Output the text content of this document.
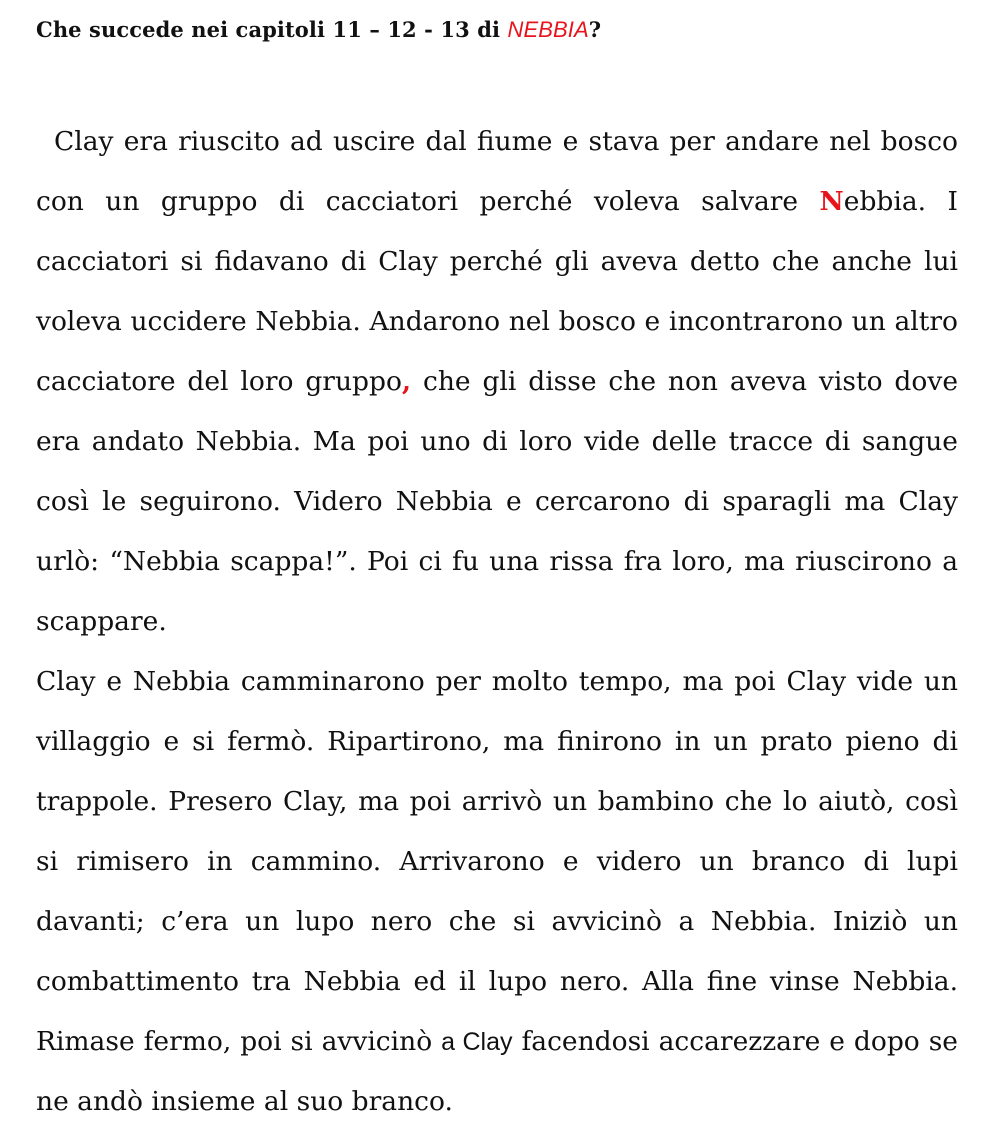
Che succede nei capitoli 11 – 12 - 13 di NEBBIA?

Clay era riuscito ad uscire dal fiume e stava per andare nel bosco con un gruppo di cacciatori perché voleva salvare Nebbia. I cacciatori si fidavano di Clay perché gli aveva detto che anche lui voleva uccidere Nebbia. Andarono nel bosco e incontrarono un altro cacciatore del loro gruppo, che gli disse che non aveva visto dove era andato Nebbia. Ma poi uno di loro vide delle tracce di sangue così le seguirono. Videro Nebbia e cercarono di sparagli ma Clay urlò: “Nebbia scappa!”. Poi ci fu una rissa fra loro, ma riuscirono a scappare.

Clay e Nebbia camminarono per molto tempo, ma poi Clay vide un villaggio e si fermò. Ripartirono, ma finirono in un prato pieno di trappole. Presero Clay, ma poi arrivò un bambino che lo aiutò, così si rimisero in cammino. Arrivarono e videro un branco di lupi davanti; c’era un lupo nero che si avvicinò a Nebbia. Iniziò un combattimento tra Nebbia ed il lupo nero. Alla fine vinse Nebbia. Rimase fermo, poi si avvicinò a Clay facendosi accarezzare e dopo se ne andò insieme al suo branco.
